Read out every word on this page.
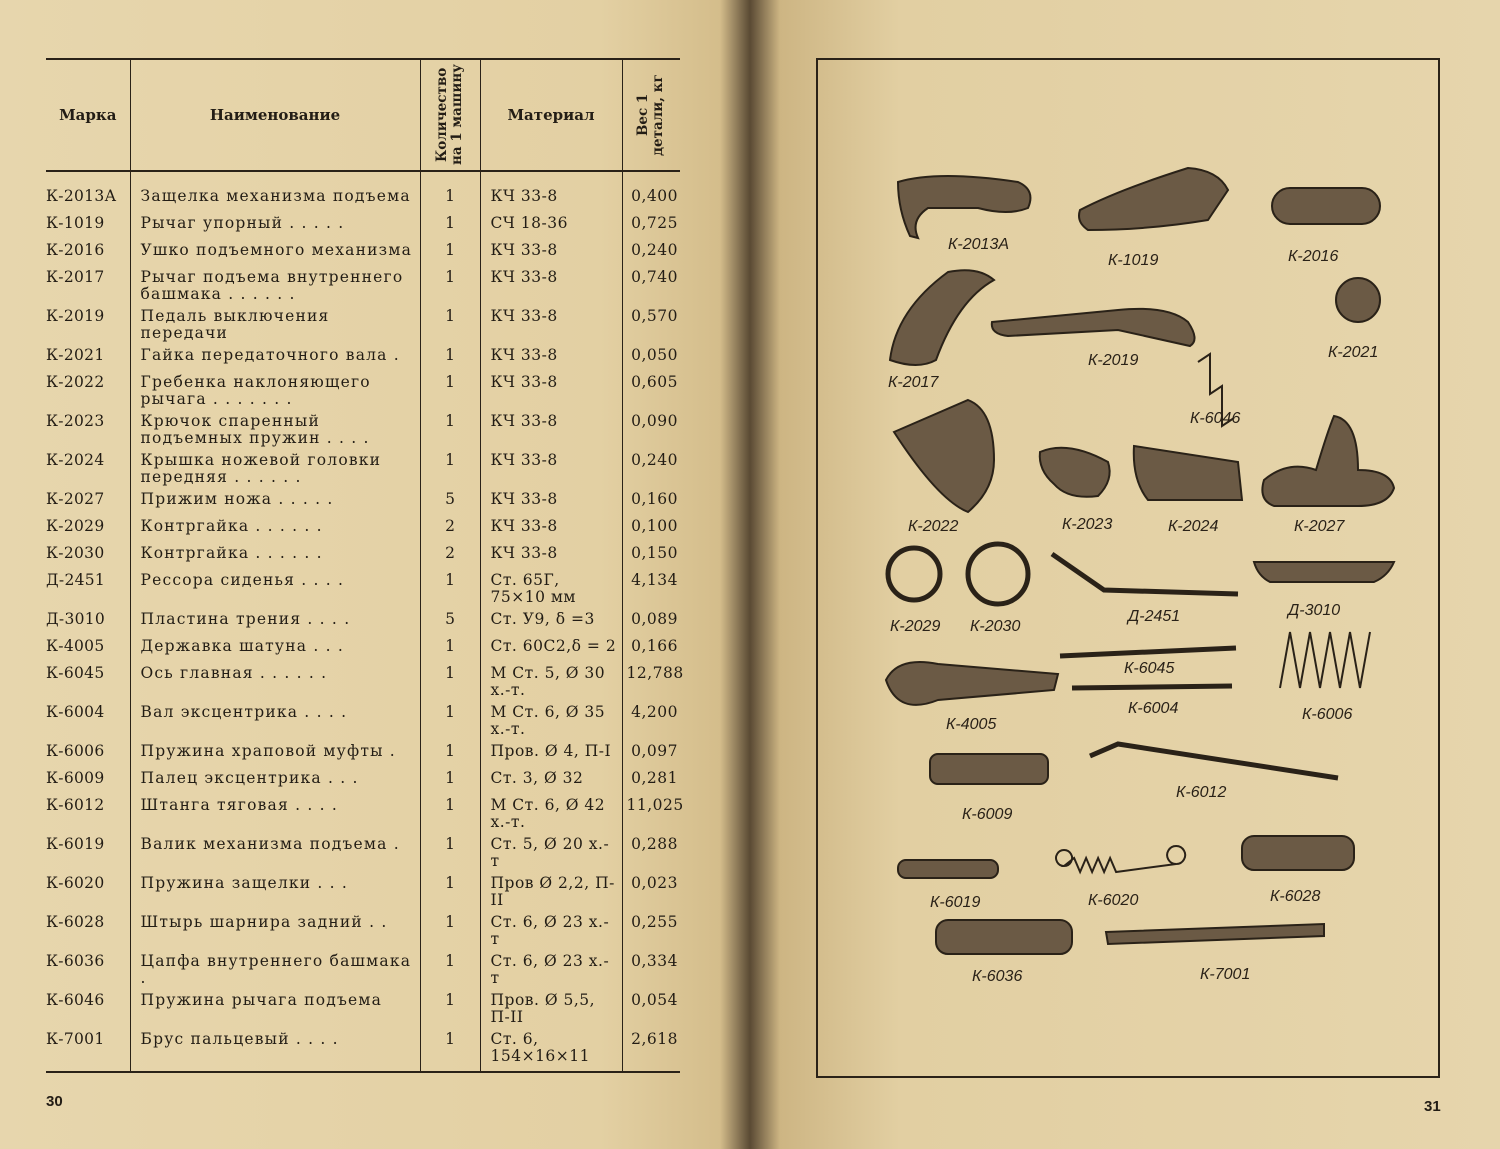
Марка	Наименование	Количество на 1 машину	Материал	Вес 1 детали, кг

К-2013А	Защелка механизма подъема	1	КЧ 33-8	0,400
К-1019	Рычаг упорный . . . . .	1	СЧ 18-36	0,725
К-2016	Ушко подъемного механизма	1	КЧ 33-8	0,240
К-2017	Рычаг подъема внутреннего башмака . . . . . .	1	КЧ 33-8	0,740
К-2019	Педаль выключения передачи	1	КЧ 33-8	0,570
К-2021	Гайка передаточного вала .	1	КЧ 33-8	0,050
К-2022	Гребенка наклоняющего рычага . . . . . . .	1	КЧ 33-8	0,605
К-2023	Крючок спаренный подъемных пружин . . . .	1	КЧ 33-8	0,090
К-2024	Крышка ножевой головки передняя . . . . . .	1	КЧ 33-8	0,240
К-2027	Прижим ножа . . . . .	5	КЧ 33-8	0,160
К-2029	Контргайка . . . . . .	2	КЧ 33-8	0,100
К-2030	Контргайка . . . . . .	2	КЧ 33-8	0,150
Д-2451	Рессора сиденья . . . .	1	Ст. 65Г, 75×10 мм	4,134
Д-3010	Пластина трения . . . .	5	Ст. У9, δ =3	0,089
К-4005	Державка шатуна . . .	1	Ст. 60С2,δ = 2	0,166
К-6045	Ось главная . . . . . .	1	М Ст. 5, Ø 30 х.-т.	12,788
К-6004	Вал эксцентрика . . . .	1	М Ст. 6, Ø 35 х.-т.	4,200
К-6006	Пружина храповой муфты .	1	Пров. Ø 4, П-I	0,097
К-6009	Палец эксцентрика . . .	1	Ст. 3, Ø 32	0,281
К-6012	Штанга тяговая . . . .	1	М Ст. 6, Ø 42 х.-т.	11,025
К-6019	Валик механизма подъема .	1	Ст. 5, Ø 20 х.-т	0,288
К-6020	Пружина защелки . . .	1	Пров Ø 2,2, П-II	0,023
К-6028	Штырь шарнира задний . .	1	Ст. 6, Ø 23 х.-т	0,255
К-6036	Цапфа внутреннего башмака .	1	Ст. 6, Ø 23 х.-т	0,334
К-6046	Пружина рычага подъема	1	Пров. Ø 5,5, П-II	0,054
К-7001	Брус пальцевый . . . .	1	Ст. 6, 154×16×11	2,618
30
К-2013А
К-1019	К-2016
К-2017
К-2019	К-2021
К-6046
К-2022	К-2023	К-2024	К-2027
К-2029 К-2030
Д-2451	Д-3010
К-6045
К-6004	К-6006
К-4005
К-6009
К-6012
К-6019	К-6020	К-6028
К-6036	К-7001
31
